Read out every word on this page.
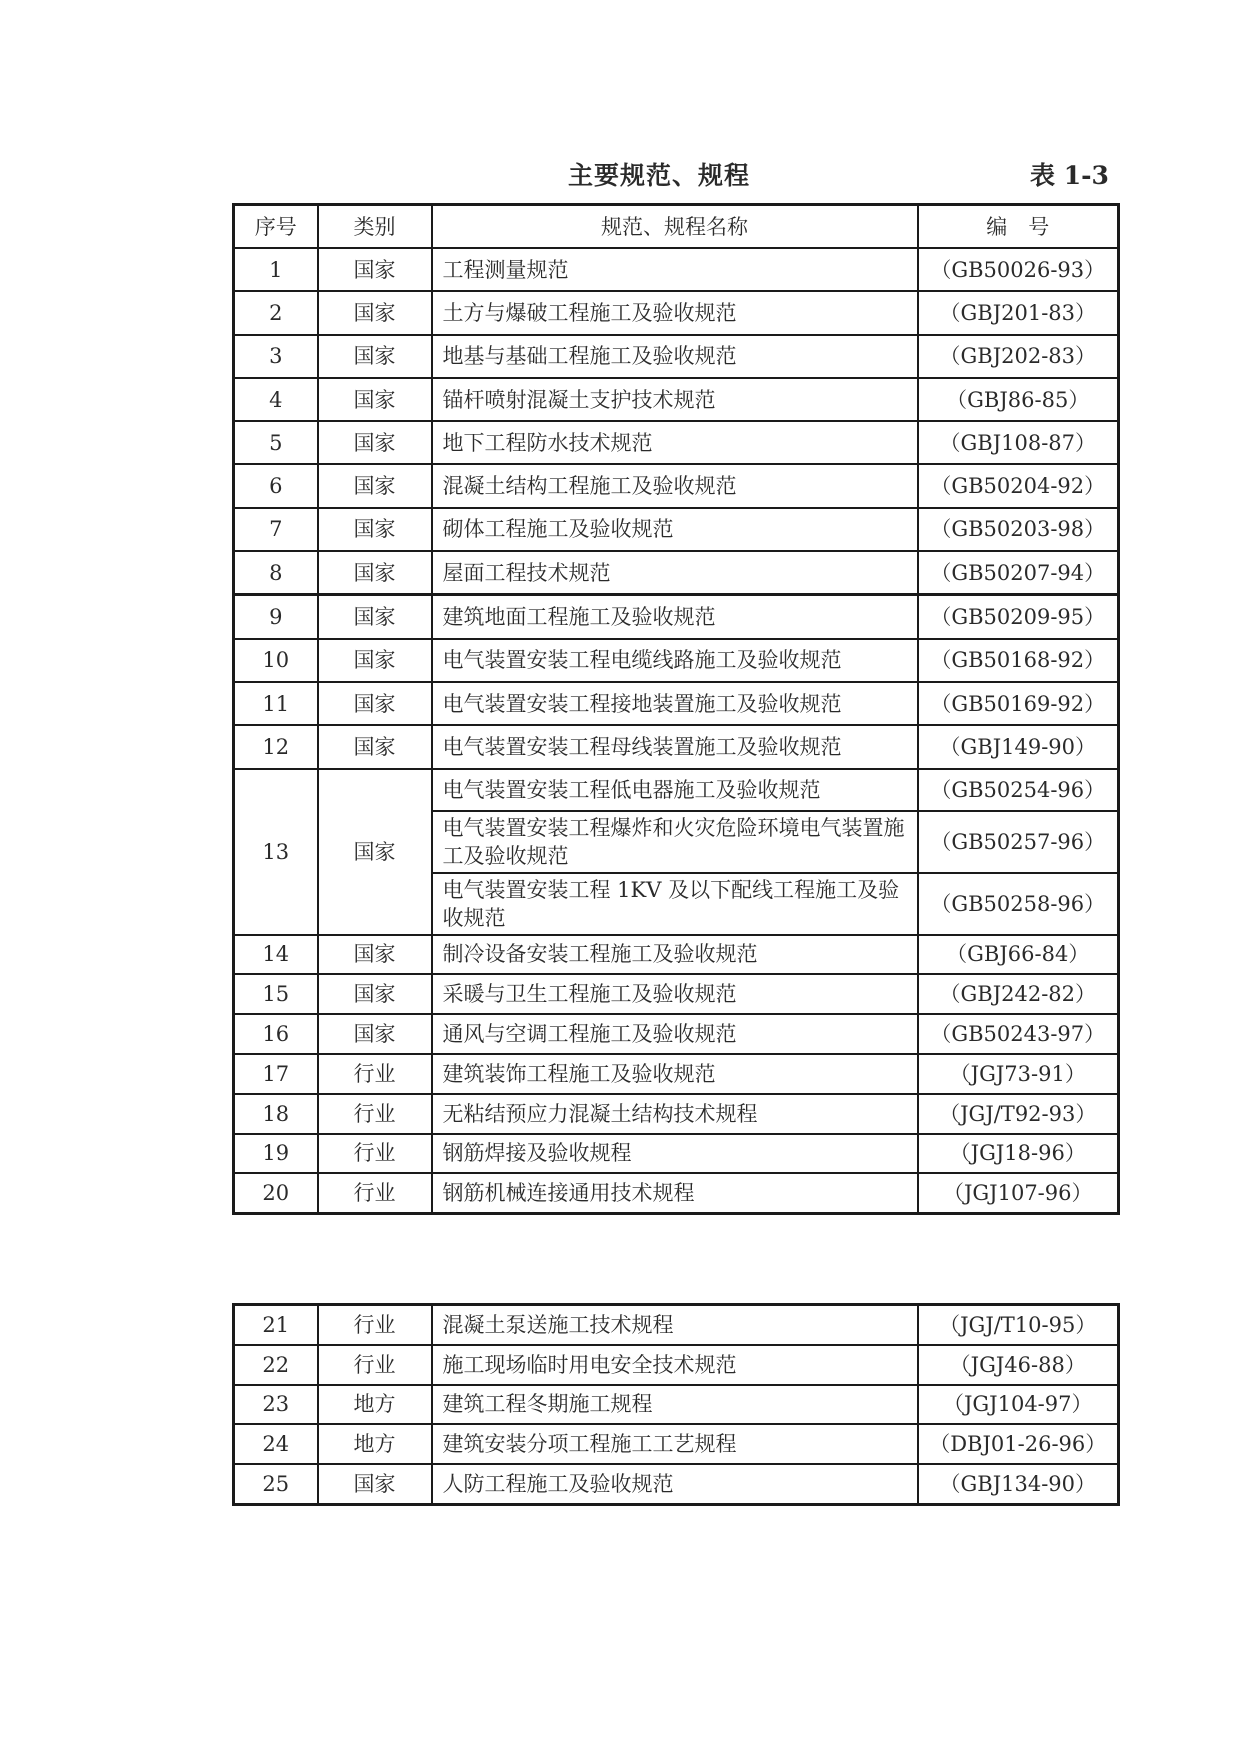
主要规范、规程	表 1-3
序号	类别	规范、规程名称	编　号
1	国家	工程测量规范	（GB50026-93）
2	国家	土方与爆破工程施工及验收规范	（GBJ201-83）
3	国家	地基与基础工程施工及验收规范	（GBJ202-83）
4	国家	锚杆喷射混凝土支护技术规范	（GBJ86-85）
5	国家	地下工程防水技术规范	（GBJ108-87）
6	国家	混凝土结构工程施工及验收规范	（GB50204-92）
7	国家	砌体工程施工及验收规范	（GB50203-98）
8	国家	屋面工程技术规范	（GB50207-94）
9	国家	建筑地面工程施工及验收规范	（GB50209-95）
10	国家	电气装置安装工程电缆线路施工及验收规范	（GB50168-92）
11	国家	电气装置安装工程接地装置施工及验收规范	（GB50169-92）
12	国家	电气装置安装工程母线装置施工及验收规范	（GBJ149-90）
13	国家	电气装置安装工程低电器施工及验收规范	（GB50254-96）
		电气装置安装工程爆炸和火灾危险环境电气装置施工及验收规范	（GB50257-96）
		电气装置安装工程 1KV 及以下配线工程施工及验收规范	（GB50258-96）
14	国家	制冷设备安装工程施工及验收规范	（GBJ66-84）
15	国家	采暖与卫生工程施工及验收规范	（GBJ242-82）
16	国家	通风与空调工程施工及验收规范	（GB50243-97）
17	行业	建筑装饰工程施工及验收规范	（JGJ73-91）
18	行业	无粘结预应力混凝土结构技术规程	（JGJ/T92-93）
19	行业	钢筋焊接及验收规程	（JGJ18-96）
20	行业	钢筋机械连接通用技术规程	（JGJ107-96）
21	行业	混凝土泵送施工技术规程	（JGJ/T10-95）
22	行业	施工现场临时用电安全技术规范	（JGJ46-88）
23	地方	建筑工程冬期施工规程	（JGJ104-97）
24	地方	建筑安装分项工程施工工艺规程	（DBJ01-26-96）
25	国家	人防工程施工及验收规范	（GBJ134-90）
